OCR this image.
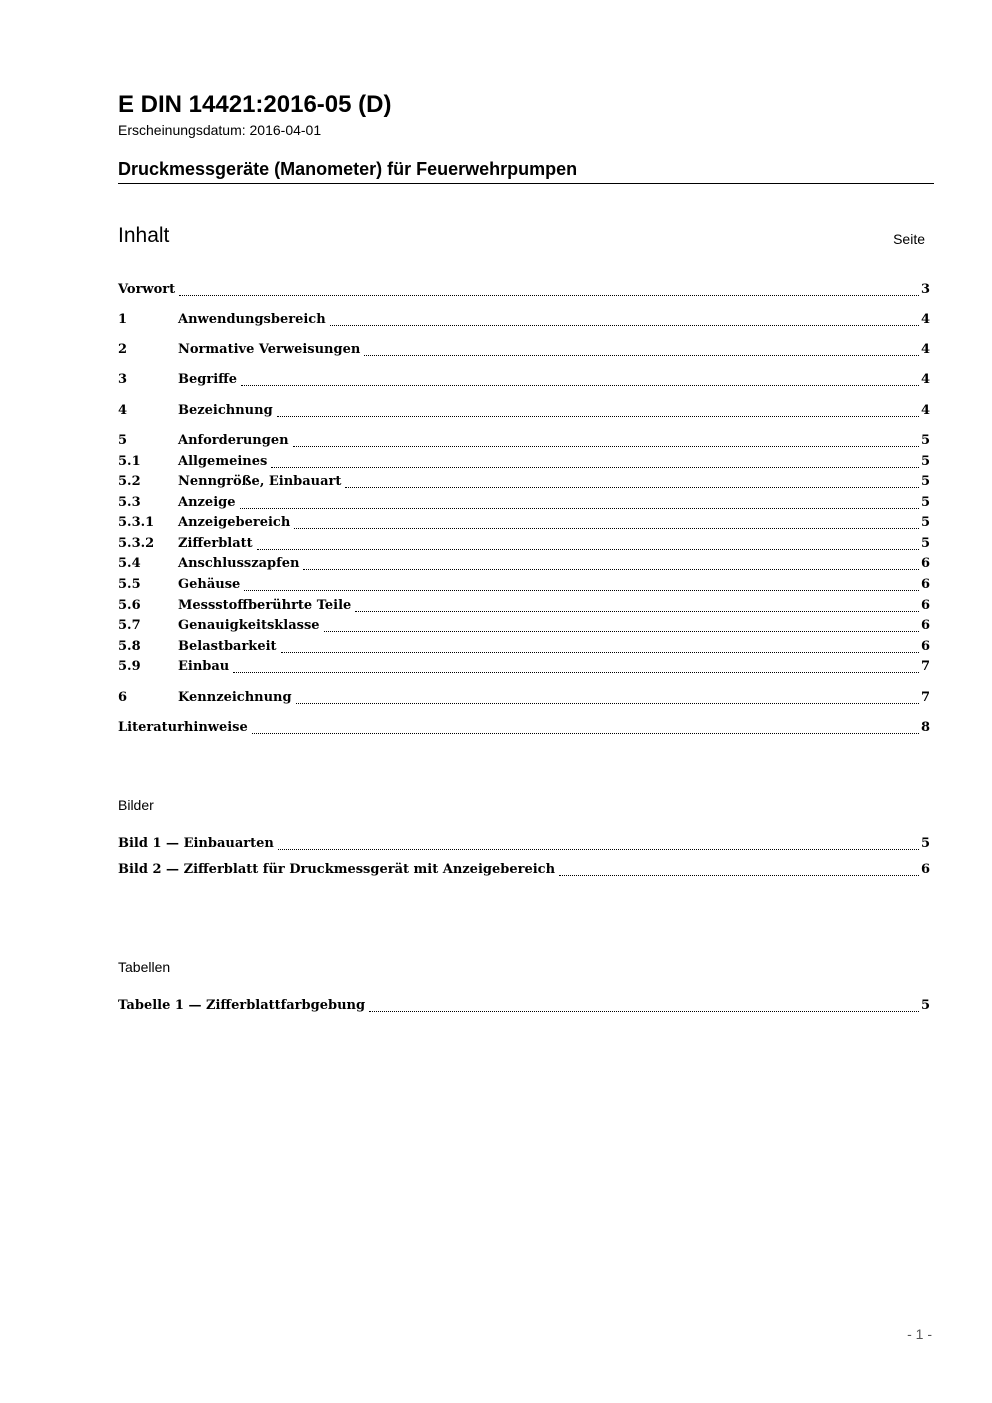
E DIN 14421:2016-05 (D)
Erscheinungsdatum: 2016-04-01
Druckmessgeräte (Manometer) für Feuerwehrpumpen
Inhalt	Seite
Vorwort	3
1	Anwendungsbereich	4
2	Normative Verweisungen	4
3	Begriffe	4
4	Bezeichnung	4
5	Anforderungen	5
5.1	Allgemeines	5
5.2	Nenngröße, Einbauart	5
5.3	Anzeige	5
5.3.1	Anzeigebereich	5
5.3.2	Zifferblatt	5
5.4	Anschlusszapfen	6
5.5	Gehäuse	6
5.6	Messstoffberührte Teile	6
5.7	Genauigkeitsklasse	6
5.8	Belastbarkeit	6
5.9	Einbau	7
6	Kennzeichnung	7
Literaturhinweise	8
Bilder
Bild 1 — Einbauarten	5
Bild 2 — Zifferblatt für Druckmessgerät mit Anzeigebereich	6
Tabellen
Tabelle 1 — Zifferblattfarbgebung	5
- 1 -
